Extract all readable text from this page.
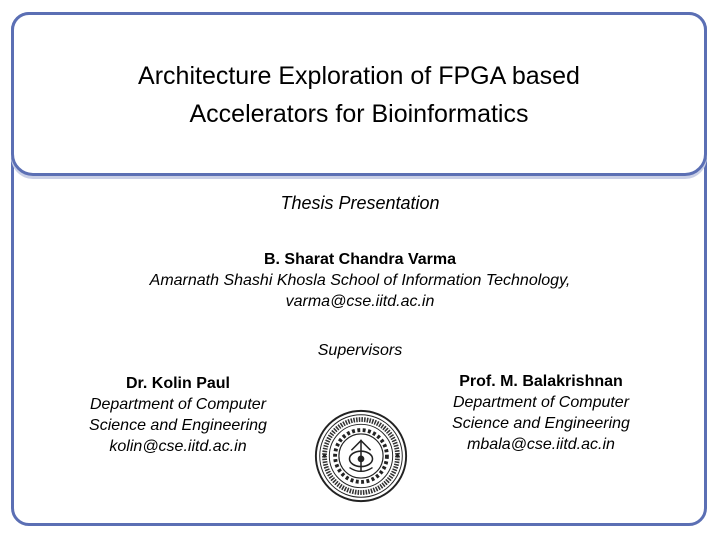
Architecture Exploration of FPGA based
Accelerators for Bioinformatics
Thesis Presentation
B. Sharat Chandra Varma
Amarnath Shashi Khosla School of Information Technology,
varma@cse.iitd.ac.in
Supervisors
Dr. Kolin Paul
Department of Computer
Science and Engineering
kolin@cse.iitd.ac.in
Prof. M. Balakrishnan
Department of Computer
Science and Engineering
mbala@cse.iitd.ac.in
